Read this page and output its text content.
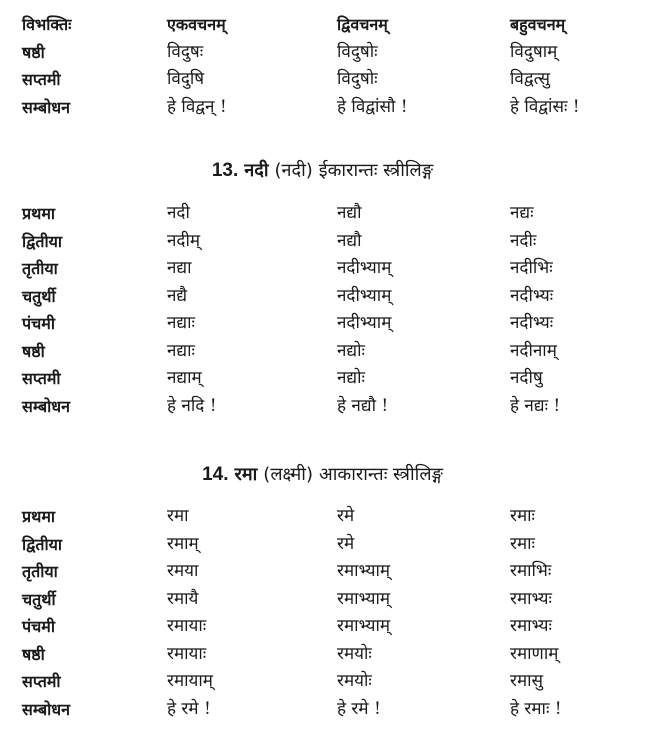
विभक्तिः	एकवचनम्	द्विवचनम्	बहुवचनम्
षष्ठी	विदुषः	विदुषोः	विदुषाम्
सप्तमी	विदुषि	विदुषोः	विद्वत्सु
सम्बोधन	हे विद्वन् !	हे विद्वांसौ !	हे विद्वांसः !
13. नदी (नदी) ईकारान्तः स्त्रीलिङ्ग
प्रथमा	नदी	नद्यौ	नद्यः
द्वितीया	नदीम्	नद्यौ	नदीः
तृतीया	नद्या	नदीभ्याम्	नदीभिः
चतुर्थी	नद्यै	नदीभ्याम्	नदीभ्यः
पंचमी	नद्याः	नदीभ्याम्	नदीभ्यः
षष्ठी	नद्याः	नद्योः	नदीनाम्
सप्तमी	नद्याम्	नद्योः	नदीषु
सम्बोधन	हे नदि !	हे नद्यौ !	हे नद्यः !
14. रमा (लक्ष्मी) आकारान्तः स्त्रीलिङ्ग
प्रथमा	रमा	रमे	रमाः
द्वितीया	रमाम्	रमे	रमाः
तृतीया	रमया	रमाभ्याम्	रमाभिः
चतुर्थी	रमायै	रमाभ्याम्	रमाभ्यः
पंचमी	रमायाः	रमाभ्याम्	रमाभ्यः
षष्ठी	रमायाः	रमयोः	रमाणाम्
सप्तमी	रमायाम्	रमयोः	रमासु
सम्बोधन	हे रमे !	हे रमे !	हे रमाः !
